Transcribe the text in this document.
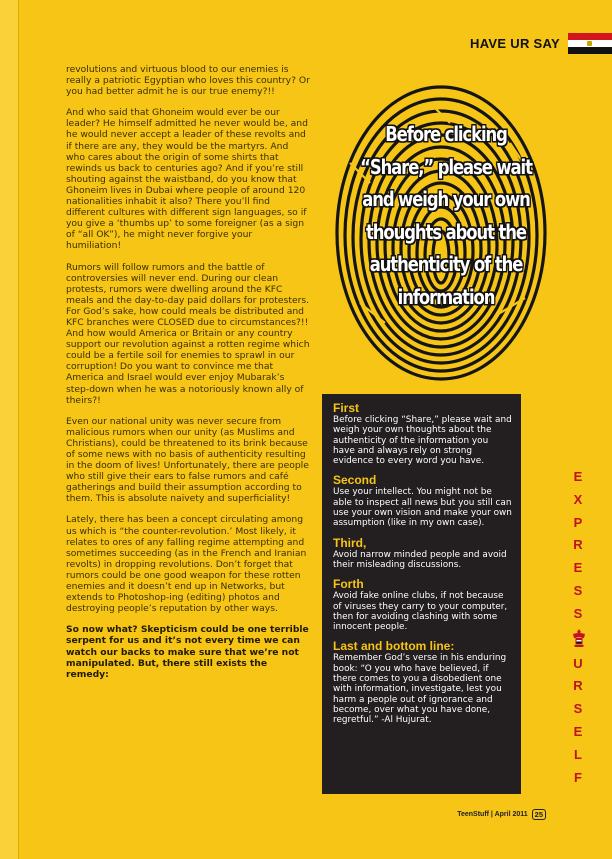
HAVE UR SAY

revolutions and virtuous blood to our enemies is really a patriotic Egyptian who loves this country? Or you had better admit he is our true enemy?!!

And who said that Ghoneim would ever be our leader? He himself admitted he never would be, and he would never accept a leader of these revolts and if there are any, they would be the martyrs. And who cares about the origin of some shirts that rewinds us back to centuries ago? And if you’re still shouting against the waistband, do you know that Ghoneim lives in Dubai where people of around 120 nationalities inhabit it also? There you’ll find different cultures with different sign languages, so if you give a ‘thumbs up’ to some foreigner (as a sign of “all OK”), he might never forgive your humiliation!

Rumors will follow rumors and the battle of controversies will never end. During our clean protests, rumors were dwelling around the KFC meals and the day-to-day paid dollars for protesters. For God’s sake, how could meals be distributed and KFC branches were CLOSED due to circumstances?!! And how would America or Britain or any country support our revolution against a rotten regime which could be a fertile soil for enemies to sprawl in our corruption! Do you want to convince me that America and Israel would ever enjoy Mubarak’s step-down when he was a notoriously known ally of theirs?!

Even our national unity was never secure from malicious rumors when our unity (as Muslims and Christians), could be threatened to its brink because of some news with no basis of authenticity resulting in the doom of lives! Unfortunately, there are people who still give their ears to false rumors and café gatherings and build their assumption according to them. This is absolute naivety and superficiality!

Lately, there has been a concept circulating among us which is “the counter-revolution.’ Most likely, it relates to ores of any falling regime attempting and sometimes succeeding (as in the French and Iranian revolts) in dropping revolutions. Don’t forget that rumors could be one good weapon for these rotten enemies and it doesn’t end up in Networks, but extends to Photoshop-ing (editing) photos and destroying people’s reputation by other ways.

So now what? Skepticism could be one terrible serpent for us and it’s not every time we can watch our backs to make sure that we’re not manipulated. But, there still exists the remedy:

Before clicking “Share,” please wait and weigh your own thoughts about the authenticity of the information
First

Before clicking “Share,” please wait and weigh your own thoughts about the authenticity of the information you have and always rely on strong evidence to every word you have.

Second

Use your intellect. You might not be able to inspect all news but you still can use your own vision and make your own assumption (like in my own case).

Third,

Avoid narrow minded people and avoid their misleading discussions.

Forth

Avoid fake online clubs, if not because of viruses they carry to your computer, then for avoiding clashing with some innocent people.

Last and bottom line:

Remember God’s verse in his enduring book: “O you who have believed, if there comes to you a disobedient one with information, investigate, lest you harm a people out of ignorance and become, over what you have done, regretful.” -Al Hujurat.

E
X
P
R
E
S
S
U
R
S
E
L
F
TeenStuff | April 2011 25
